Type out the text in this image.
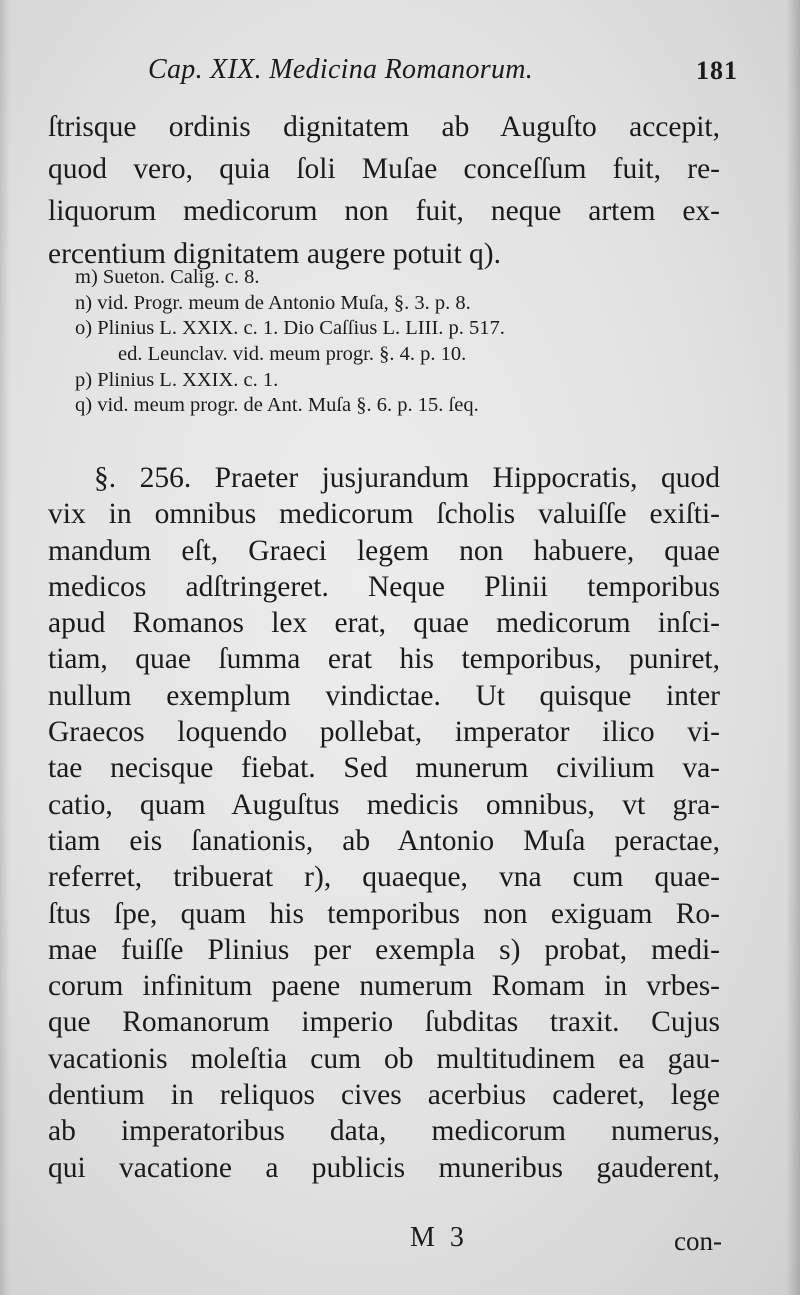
Cap. XIX. Medicina Romanorum.	181
ſtrisque ordinis dignitatem ab Auguſto accepit,
quod vero, quia ſoli Muſae conceſſum fuit, re-
liquorum medicorum non fuit, neque artem ex-
ercentium dignitatem augere potuit q).
m) Sueton. Calig. c. 8.
n) vid. Progr. meum de Antonio Muſa, §. 3. p. 8.
o) Plinius L. XXIX. c. 1. Dio Caſſius L. LIII. p. 517.
ed. Leunclav. vid. meum progr. §. 4. p. 10.
p) Plinius L. XXIX. c. 1.
q) vid. meum progr. de Ant. Muſa §. 6. p. 15. ſeq.
§. 256. Praeter jusjurandum Hippocratis, quod
vix in omnibus medicorum ſcholis valuiſſe exiſti-
mandum eſt, Graeci legem non habuere, quae
medicos adſtringeret. Neque Plinii temporibus
apud Romanos lex erat, quae medicorum inſci-
tiam, quae ſumma erat his temporibus, puniret,
nullum exemplum vindictae. Ut quisque inter
Graecos loquendo pollebat, imperator ilico vi-
tae necisque fiebat. Sed munerum civilium va-
catio, quam Auguſtus medicis omnibus, vt gra-
tiam eis ſanationis, ab Antonio Muſa peractae,
referret, tribuerat r), quaeque, vna cum quae-
ſtus ſpe, quam his temporibus non exiguam Ro-
mae fuiſſe Plinius per exempla s) probat, medi-
corum infinitum paene numerum Romam in vrbes-
que Romanorum imperio ſubditas traxit. Cujus
vacationis moleſtia cum ob multitudinem ea gau-
dentium in reliquos cives acerbius caderet, lege
ab imperatoribus data, medicorum numerus,
qui vacatione a publicis muneribus gauderent,
M 3	con-
